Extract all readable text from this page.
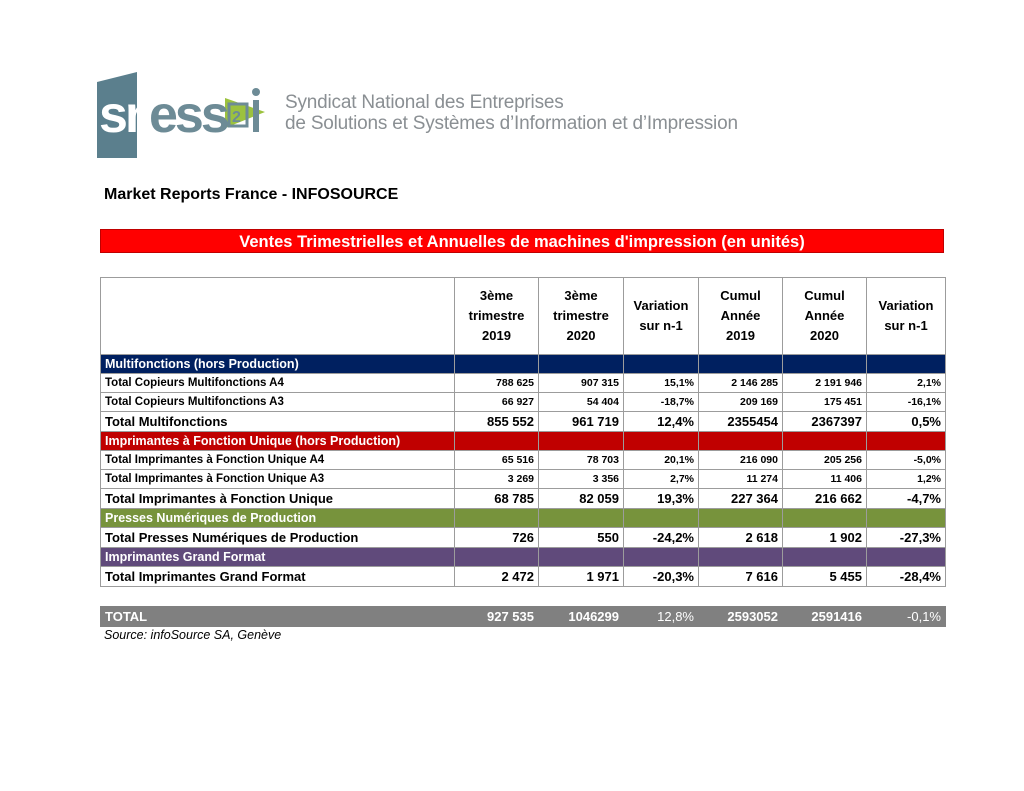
sn
ess 2
Syndicat National des Entreprises
de Solutions et Systèmes d’Information et d’Impression
Market Reports France - INFOSOURCE
Ventes Trimestrielles et Annuelles de machines d'impression (en unités)
	3ème
trimestre
2019	3ème
trimestre
2020	Variation
sur n-1	Cumul
Année
2019	Cumul
Année
2020	Variation
sur n-1
Multifonctions (hors Production)						
Total Copieurs Multifonctions A4	788 625	907 315	15,1%	2 146 285	2 191 946	2,1%
Total Copieurs Multifonctions A3	66 927	54 404	-18,7%	209 169	175 451	-16,1%
Total Multifonctions	855 552	961 719	12,4%	2355454	2367397	0,5%
Imprimantes à Fonction Unique (hors Production)						
Total Imprimantes à Fonction Unique A4	65 516	78 703	20,1%	216 090	205 256	-5,0%
Total Imprimantes à Fonction Unique A3	3 269	3 356	2,7%	11 274	11 406	1,2%
Total Imprimantes à Fonction Unique	68 785	82 059	19,3%	227 364	216 662	-4,7%
Presses Numériques de Production						
Total Presses Numériques de Production	726	550	-24,2%	2 618	1 902	-27,3%
Imprimantes Grand Format						
Total Imprimantes Grand Format	2 472	1 971	-20,3%	7 616	5 455	-28,4%

TOTAL	927 535	1046299	12,8%	2593052	2591416	-0,1%
Source: infoSource SA, Genève
